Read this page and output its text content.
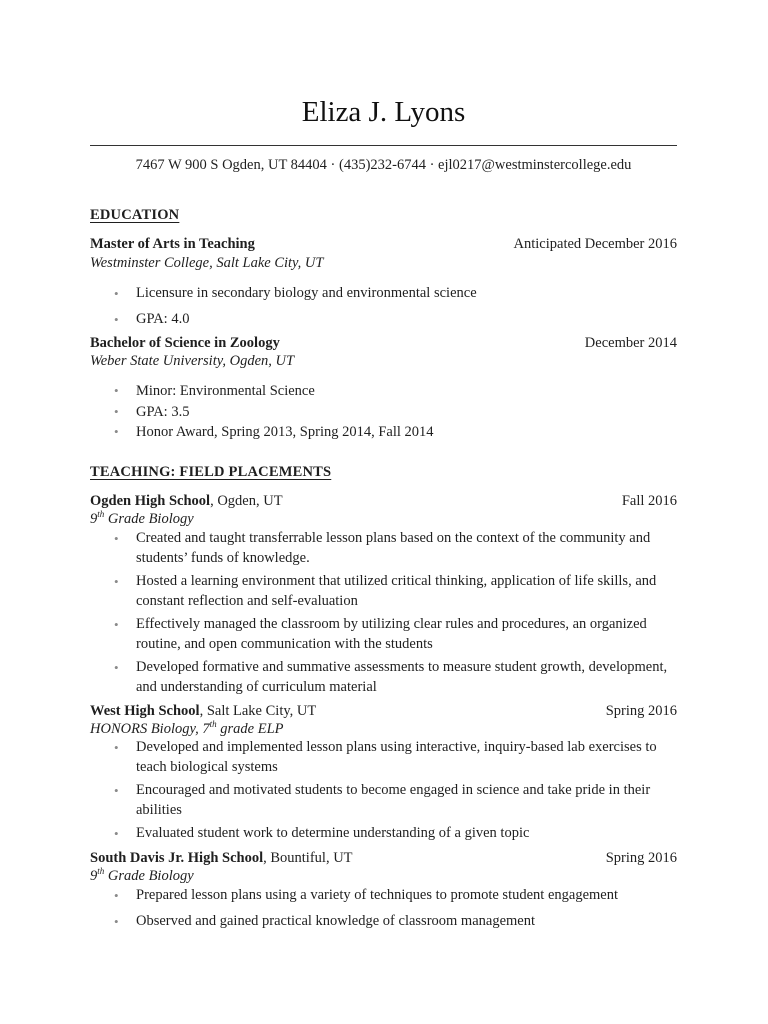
Eliza J. Lyons
7467 W 900 S Ogden, UT 84404 · (435)232-6744 · ejl0217@westminstercollege.edu
EDUCATION
Master of Arts in Teaching	Anticipated December 2016
Westminster College, Salt Lake City, UT
• Licensure in secondary biology and environmental science
• GPA: 4.0
Bachelor of Science in Zoology	December 2014
Weber State University, Ogden, UT
• Minor: Environmental Science
• GPA: 3.5
• Honor Award, Spring 2013, Spring 2014, Fall 2014
TEACHING: FIELD PLACEMENTS
Ogden High School, Ogden, UT	Fall 2016
9th Grade Biology
• Created and taught transferrable lesson plans based on the context of the community and students’ funds of knowledge.
• Hosted a learning environment that utilized critical thinking, application of life skills, and constant reflection and self-evaluation
• Effectively managed the classroom by utilizing clear rules and procedures, an organized routine, and open communication with the students
• Developed formative and summative assessments to measure student growth, development, and understanding of curriculum material
West High School, Salt Lake City, UT	Spring 2016
HONORS Biology, 7th grade ELP
• Developed and implemented lesson plans using interactive, inquiry-based lab exercises to teach biological systems
• Encouraged and motivated students to become engaged in science and take pride in their abilities
• Evaluated student work to determine understanding of a given topic
South Davis Jr. High School, Bountiful, UT	Spring 2016
9th Grade Biology
• Prepared lesson plans using a variety of techniques to promote student engagement
• Observed and gained practical knowledge of classroom management
